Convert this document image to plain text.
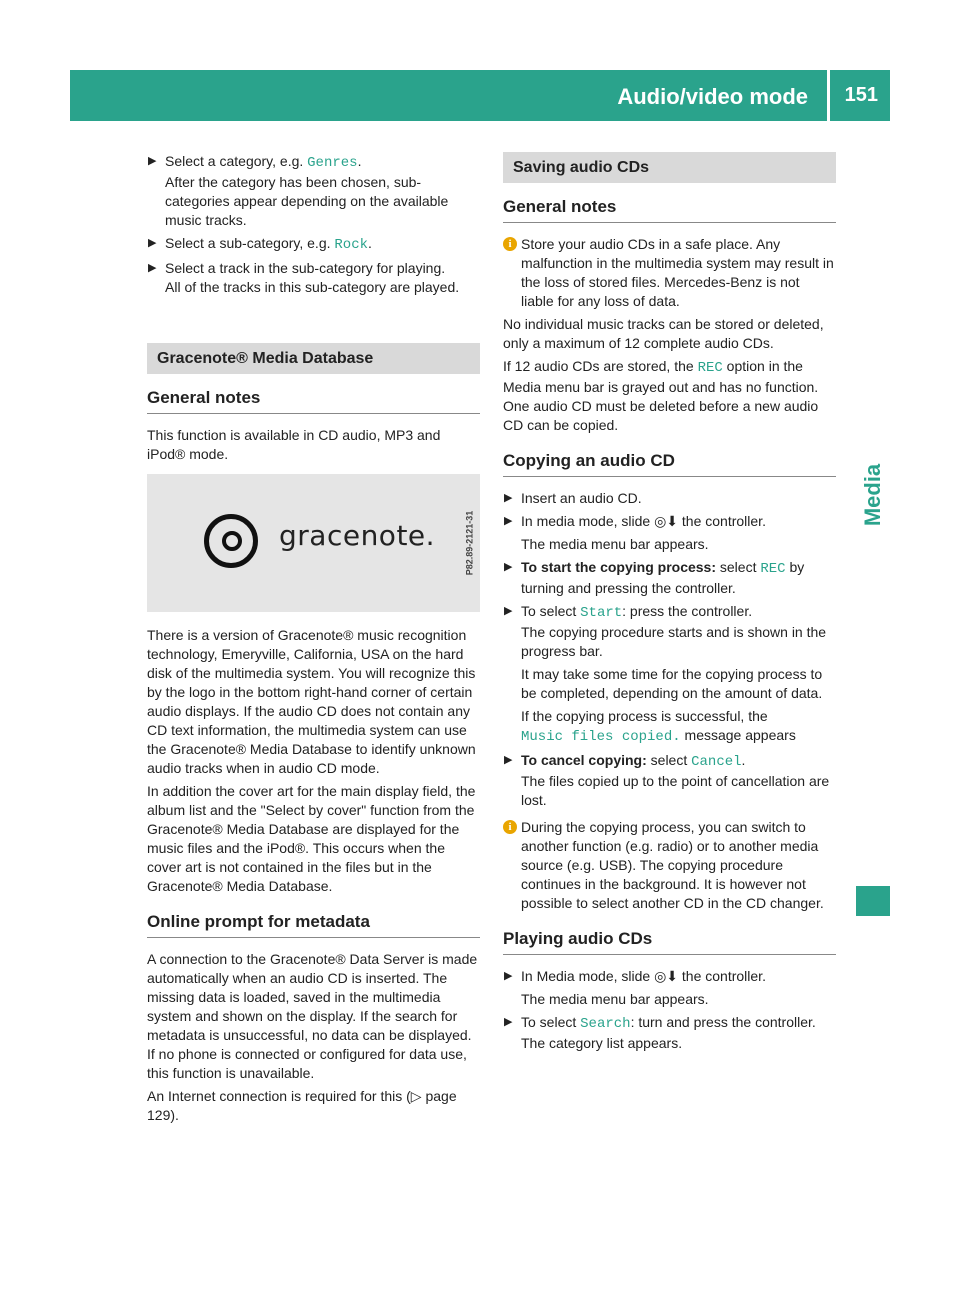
Audio/video mode 151
Media
▶ Select a category, e.g. Genres.
After the category has been chosen, sub-categories appear depending on the available music tracks.
▶ Select a sub-category, e.g. Rock.
▶ Select a track in the sub-category for playing.
All of the tracks in this sub-category are played.
Gracenote® Media Database
General notes
This function is available in CD audio, MP3 and iPod® mode.
gracenote.	P82.89-2121-31
There is a version of Gracenote® music recognition technology, Emeryville, California, USA on the hard disk of the multimedia system. You will recognize this by the logo in the bottom right-hand corner of certain audio displays. If the audio CD does not contain any CD text information, the multimedia system can use the Gracenote® Media Database to identify unknown audio tracks when in audio CD mode.
In addition the cover art for the main display field, the album list and the "Select by cover" function from the Gracenote® Media Database are displayed for the music files and the iPod®. This occurs when the cover art is not contained in the files but in the Gracenote® Media Database.
Online prompt for metadata
A connection to the Gracenote® Data Server is made automatically when an audio CD is inserted. The missing data is loaded, saved in the multimedia system and shown on the display. If the search for metadata is unsuccessful, no data can be displayed. If no phone is connected or configured for data use, this function is unavailable.
An Internet connection is required for this (▷ page 129).
Saving audio CDs
General notes
i Store your audio CDs in a safe place. Any malfunction in the multimedia system may result in the loss of stored files. Mercedes-Benz is not liable for any loss of data.
No individual music tracks can be stored or deleted, only a maximum of 12 complete audio CDs.
If 12 audio CDs are stored, the REC option in the Media menu bar is grayed out and has no function. One audio CD must be deleted before a new audio CD can be copied.
Copying an audio CD
▶ Insert an audio CD.
▶ In media mode, slide ◎⬇ the controller.
The media menu bar appears.
▶ To start the copying process: select REC by turning and pressing the controller.
▶ To select Start: press the controller.
The copying procedure starts and is shown in the progress bar.
It may take some time for the copying process to be completed, depending on the amount of data.
If the copying process is successful, the
Music files copied. message appears
▶ To cancel copying: select Cancel.
The files copied up to the point of cancellation are lost.
i During the copying process, you can switch to another function (e.g. radio) or to another media source (e.g. USB). The copying procedure continues in the background. It is however not possible to select another CD in the CD changer.
Playing audio CDs
▶ In Media mode, slide ◎⬇ the controller.
The media menu bar appears.
▶ To select Search: turn and press the controller.
The category list appears.
